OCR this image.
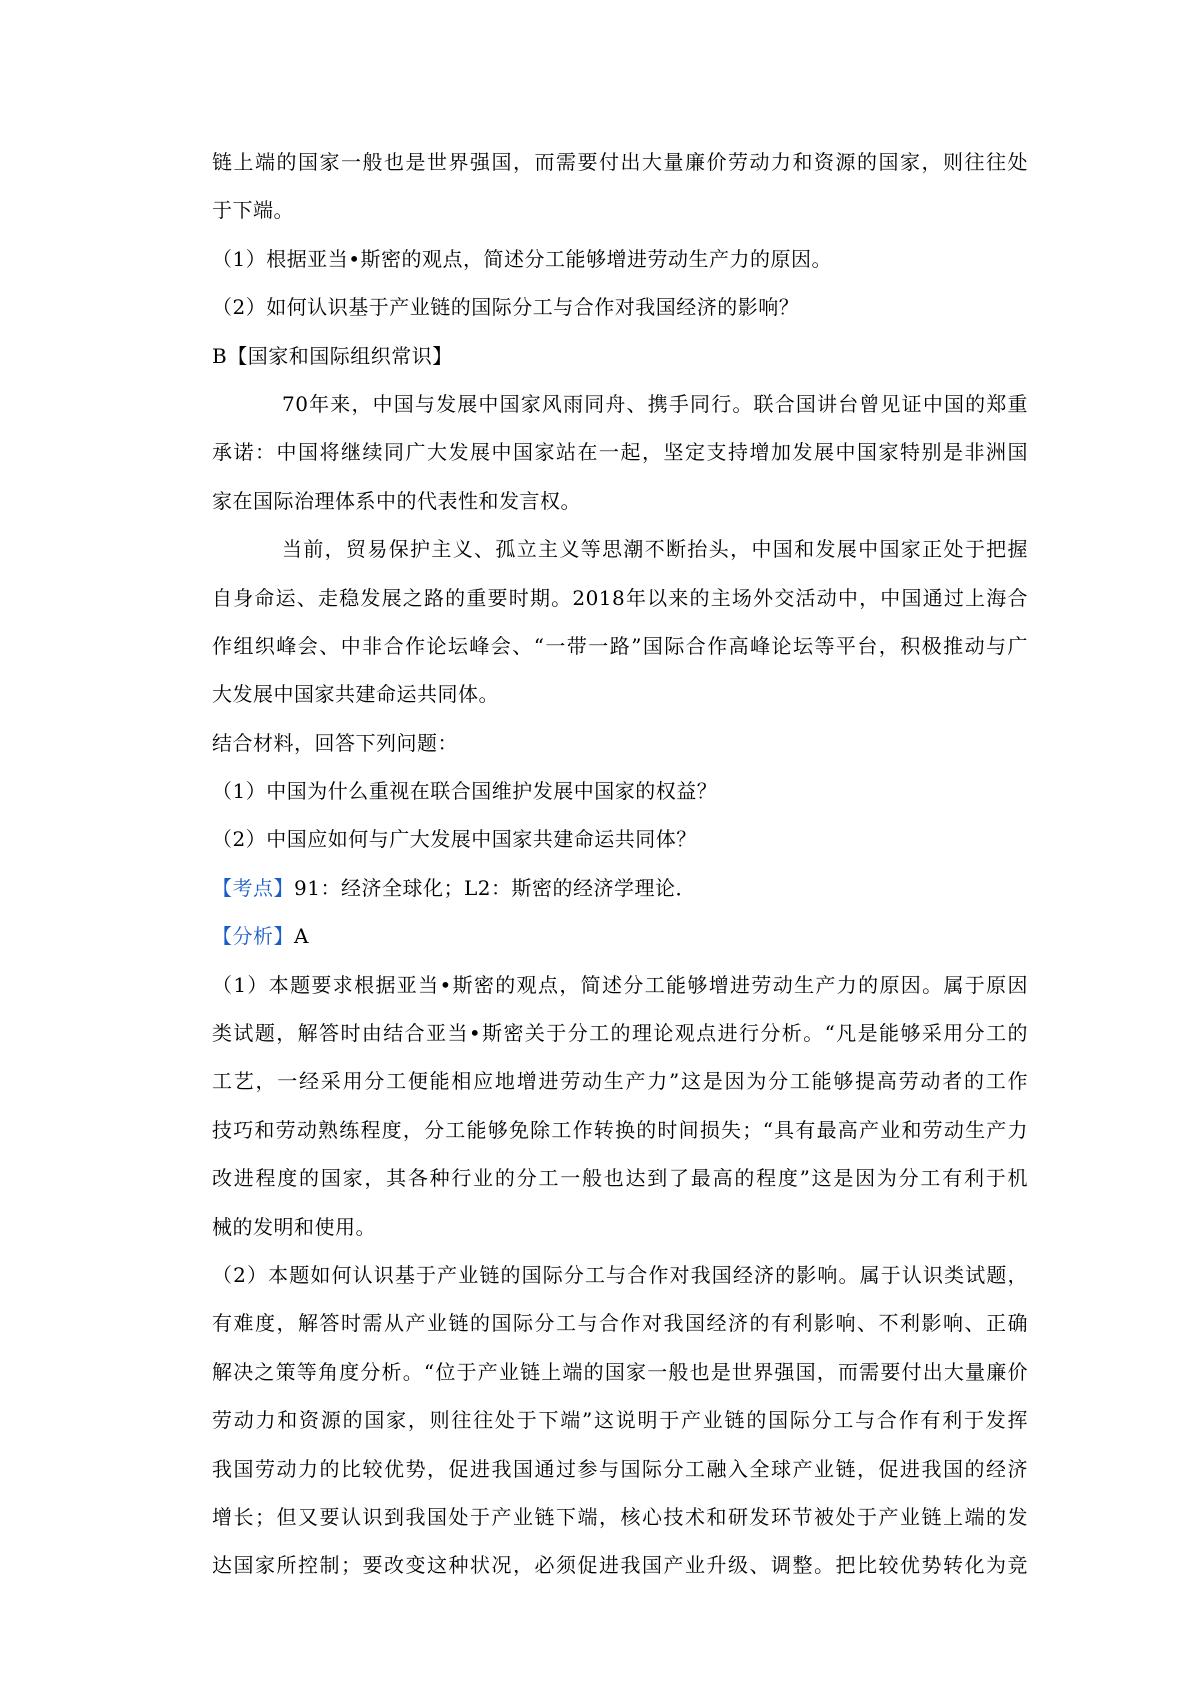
链上端的国家一般也是世界强国，而需要付出大量廉价劳动力和资源的国家，则往往处
于下端。
（1）根据亚当•斯密的观点，简述分工能够增进劳动生产力的原因。
（2）如何认识基于产业链的国际分工与合作对我国经济的影响？
B【国家和国际组织常识】
70年来，中国与发展中国家风雨同舟、携手同行。联合国讲台曾见证中国的郑重
承诺：中国将继续同广大发展中国家站在一起，坚定支持增加发展中国家特别是非洲国
家在国际治理体系中的代表性和发言权。
当前，贸易保护主义、孤立主义等思潮不断抬头，中国和发展中国家正处于把握
自身命运、走稳发展之路的重要时期。2018年以来的主场外交活动中，中国通过上海合
作组织峰会、中非合作论坛峰会、“一带一路”国际合作高峰论坛等平台，积极推动与广
大发展中国家共建命运共同体。
结合材料，回答下列问题：
（1）中国为什么重视在联合国维护发展中国家的权益？
（2）中国应如何与广大发展中国家共建命运共同体？
【考点】91：经济全球化；L2：斯密的经济学理论．
【分析】A
（1）本题要求根据亚当•斯密的观点，简述分工能够增进劳动生产力的原因。属于原因
类试题，解答时由结合亚当•斯密关于分工的理论观点进行分析。“凡是能够采用分工的
工艺，一经采用分工便能相应地增进劳动生产力”这是因为分工能够提高劳动者的工作
技巧和劳动熟练程度，分工能够免除工作转换的时间损失；“具有最高产业和劳动生产力
改进程度的国家，其各种行业的分工一般也达到了最高的程度”这是因为分工有利于机
械的发明和使用。
（2）本题如何认识基于产业链的国际分工与合作对我国经济的影响。属于认识类试题，
有难度，解答时需从产业链的国际分工与合作对我国经济的有利影响、不利影响、正确
解决之策等角度分析。“位于产业链上端的国家一般也是世界强国，而需要付出大量廉价
劳动力和资源的国家，则往往处于下端”这说明于产业链的国际分工与合作有利于发挥
我国劳动力的比较优势，促进我国通过参与国际分工融入全球产业链，促进我国的经济
增长；但又要认识到我国处于产业链下端，核心技术和研发环节被处于产业链上端的发
达国家所控制；要改变这种状况，必须促进我国产业升级、调整。把比较优势转化为竞
